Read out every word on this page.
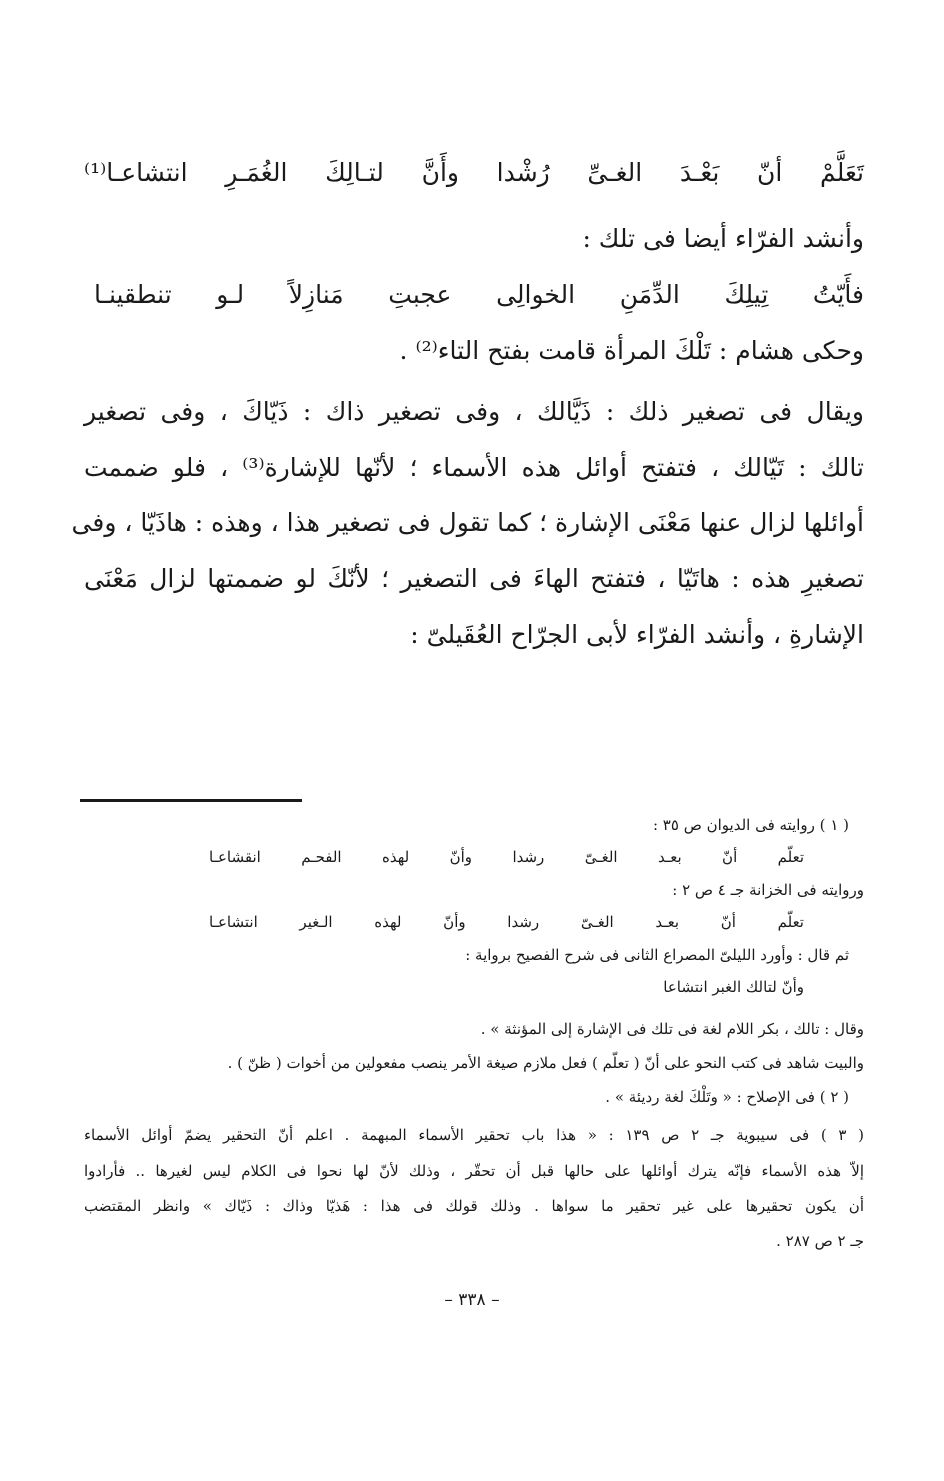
تَعَلَّمْ أنّ بَعْـدَ الغـىِّ رُشْدا وأَنَّ لتـالِكَ الغُمَـرِ انتشاعـا⁽¹⁾
وأنشد الفرّاء أيضا فى تلك :
فأَيّتُ تِيلِكَ الدِّمَنِ الخوالِى عجبتِ مَنازِلاً لـو تنطقينـا
وحكى هشام : تَلْكَ المرأة قامت بفتح التاء⁽²⁾ .
ويقال فى تصغير ذلك : ذَيَّالك ، وفى تصغير ذاك : ذَيّاكَ ، وفى تصغير
تالك : تَيّالك ، فتفتح أوائل هذه الأسماء ؛ لأنّها للإشارة⁽³⁾ ، فلو ضممت
أوائلها لزال عنها مَعْنَى الإشارة ؛ كما تقول فى تصغير هذا ، وهذه : هاذَيّا ، وفى
تصغيرِ هذه : هاتَيّا ، فتفتح الهاءَ فى التصغير ؛ لأنّكَ لو ضممتها لزال مَعْنَى
الإشارةِ ، وأنشد الفرّاء لأبى الجرّاح العُقَيلىّ :
( ١ ) روايته فى الديوان ص ٣٥ :
تعلّم أنّ بعـد الغـىّ رشدا وأنّ لهذه الفحـم انقشاعـا
وروايته فى الخزانة جـ ٤ ص ٢ :
تعلّم أنّ بعـد الغـىّ رشدا وأنّ لهذه الـغير انتشاعـا
ثم قال : وأورد الليلىّ المصراع الثانى فى شرح الفصيح برواية :
وأنّ لتالك الغبر انتشاعا
وقال : تالك ، بكر اللام لغة فى تلك فى الإشارة إلى المؤنثة » .
والبيت شاهد فى كتب النحو على أنّ ( تعلّم ) فعل ملازم صيغة الأمر ينصب مفعولين من أخوات ( ظنّ ) .
( ٢ ) فى الإصلاح : « وتَلْكَ لغة رديئة » .
( ٣ ) فى سيبوية جـ ٢ ص ١٣٩ : « هذا باب تحقير الأسماء المبهمة . اعلم أنّ التحقير يضمّ أوائل الأسماء
إلاّ هذه الأسماء فإنّه يترك أوائلها على حالها قبل أن تحقّر ، وذلك لأنّ لها نحوا فى الكلام ليس لغيرها .. فأرادوا
أن يكون تحقيرها على غير تحقير ما سواها . وذلك قولك فى هذا : هَذيّا وذاك : ذَيّاك » وانظر المقتضب
جـ ٢ ص ٢٨٧ .
– ٣٣٨ –
